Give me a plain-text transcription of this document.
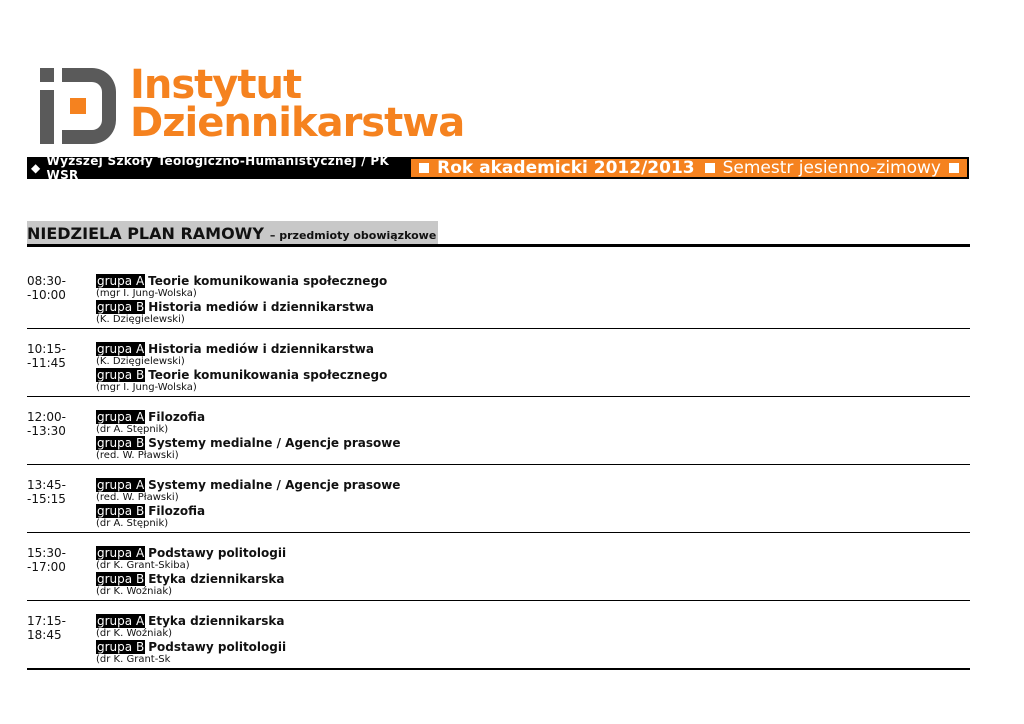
Instytut
Dziennikarstwa
◆ Wyższej Szkoły Teologiczno-Humanistycznej / PK WSR	Rok akademicki 2012/2013 Semestr jesienno-zimowy
NIEDZIELA PLAN RAMOWY – przedmioty obowiązkowe
08:30-
-10:00
grupa A Teorie komunikowania społecznego
(mgr I. Jung-Wolska)
grupa B Historia mediów i dziennikarstwa
(K. Dzięgielewski)
10:15-
-11:45
grupa A Historia mediów i dziennikarstwa
(K. Dzięgielewski)
grupa B Teorie komunikowania społecznego
(mgr I. Jung-Wolska)
12:00-
-13:30
grupa A Filozofia
(dr A. Stępnik)
grupa B Systemy medialne / Agencje prasowe
(red. W. Pławski)
13:45-
-15:15
grupa A Systemy medialne / Agencje prasowe
(red. W. Pławski)
grupa B Filozofia
(dr A. Stępnik)
15:30-
-17:00
grupa A Podstawy politologii
(dr K. Grant-Skiba)
grupa B Etyka dziennikarska
(dr K. Woźniak)
17:15-
18:45
grupa A Etyka dziennikarska
(dr K. Woźniak)
grupa B Podstawy politologii
(dr K. Grant-Sk
